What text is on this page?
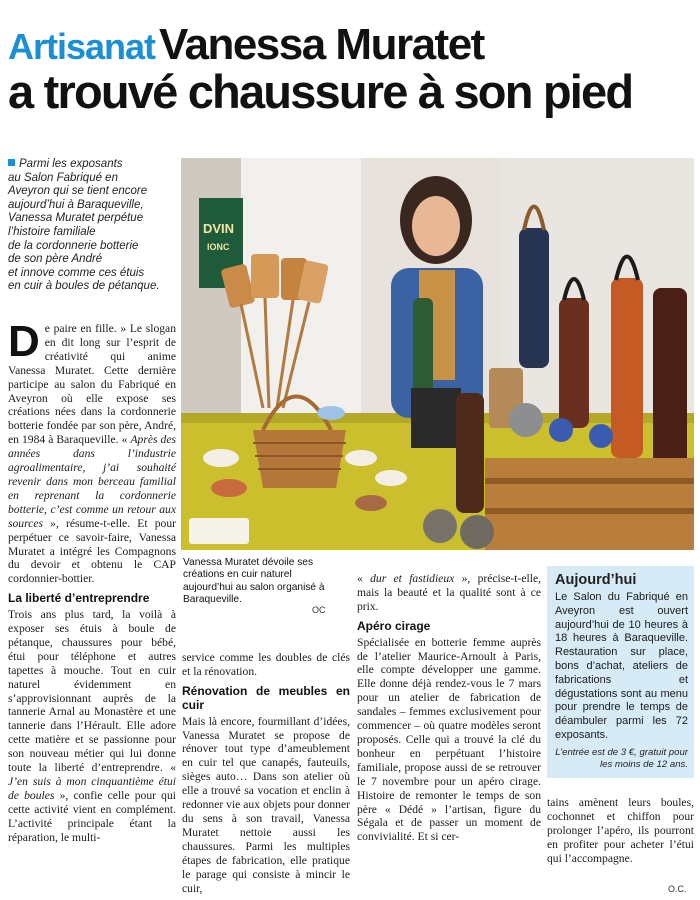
Artisanat Vanessa Muratet
a trouvé chaussure à son pied
Parmi les exposants
au Salon Fabriqué en
Aveyron qui se tient encore
aujourd’hui à Baraqueville,
Vanessa Muratet perpétue
l’histoire familiale
de la cordonnerie botterie
de son père André
et innove comme ces étuis
en cuir à boules de pétanque.

De paire en fille. » Le slogan en dit long sur l’esprit de créativité qui anime Vanessa Muratet. Cette dernière participe au salon du Fabriqué en Aveyron où elle expose ses créations nées dans la cordonnerie botterie fondée par son père, André, en 1984 à Baraqueville. « Après des années dans l’industrie agroalimentaire, j’ai souhaité revenir dans mon berceau familial en reprenant la cordonnerie botterie, c’est comme un retour aux sources », résume-t-elle. Et pour perpétuer ce savoir-faire, Vanessa Muratet a intégré les Compagnons du devoir et obtenu le CAP cordonnier-bottier.

La liberté d’entreprendre

Trois ans plus tard, la voilà à exposer ses étuis à boule de pétanque, chaussures pour bébé, étui pour téléphone et autres tapettes à mouche. Tout en cuir naturel évidemment en s’approvisionnant auprès de la tannerie Arnal au Monastère et une tannerie dans l’Hérault. Elle adore cette matière et se passionne pour son nouveau métier qui lui donne toute la liberté d’entreprendre. « J’en suis à mon cinquantième étui de boules », confie celle pour qui cette activité vient en complément. L’activité principale étant la réparation, le multi-

DVIN
IONC
Vanessa Muratet dévoile ses créations en cuir naturel aujourd’hui au salon organisé à Baraqueville.
OC

service comme les doubles de clés et la rénovation.

Rénovation de meubles en cuir

Mais là encore, fourmillant d’idées, Vanessa Muratet se propose de rénover tout type d’ameublement en cuir tel que canapés, fauteuils, sièges auto… Dans son atelier où elle a trouvé sa vocation et enclin à redonner vie aux objets pour donner du sens à son travail, Vanessa Muratet nettoie aussi les chaussures. Parmi les multiples étapes de fabrication, elle pratique le parage qui consiste à mincir le cuir,

« dur et fastidieux », précise-t-elle, mais la beauté et la qualité sont à ce prix.

Apéro cirage

Spécialisée en botterie femme auprès de l’atelier Maurice-Arnoult à Paris, elle compte développer une gamme. Elle donne déjà rendez-vous le 7 mars pour un atelier de fabrication de sandales – femmes exclusivement pour commencer – où quatre modèles seront proposés. Celle qui a trouvé la clé du bonheur en perpétuant l’histoire familiale, propose aussi de se retrouver le 7 novembre pour un apéro cirage. Histoire de remonter le temps de son père « Dédé » l’artisan, figure du Ségala et de passer un moment de convivialité. Et si cer-

Aujourd’hui
Le Salon du Fabriqué en Aveyron est ouvert aujourd’hui de 10 heures à 18 heures à Baraqueville. Restauration sur place, bons d’achat, ateliers de fabrications et dégustations sont au menu pour prendre le temps de déambuler parmi les 72 exposants.
L’entrée est de 3 €, gratuit pour les moins de 12 ans.

tains amènent leurs boules, cochonnet et chiffon pour prolonger l’apéro, ils pourront en profiter pour acheter l’étui qui l’accompagne.

O.C.
